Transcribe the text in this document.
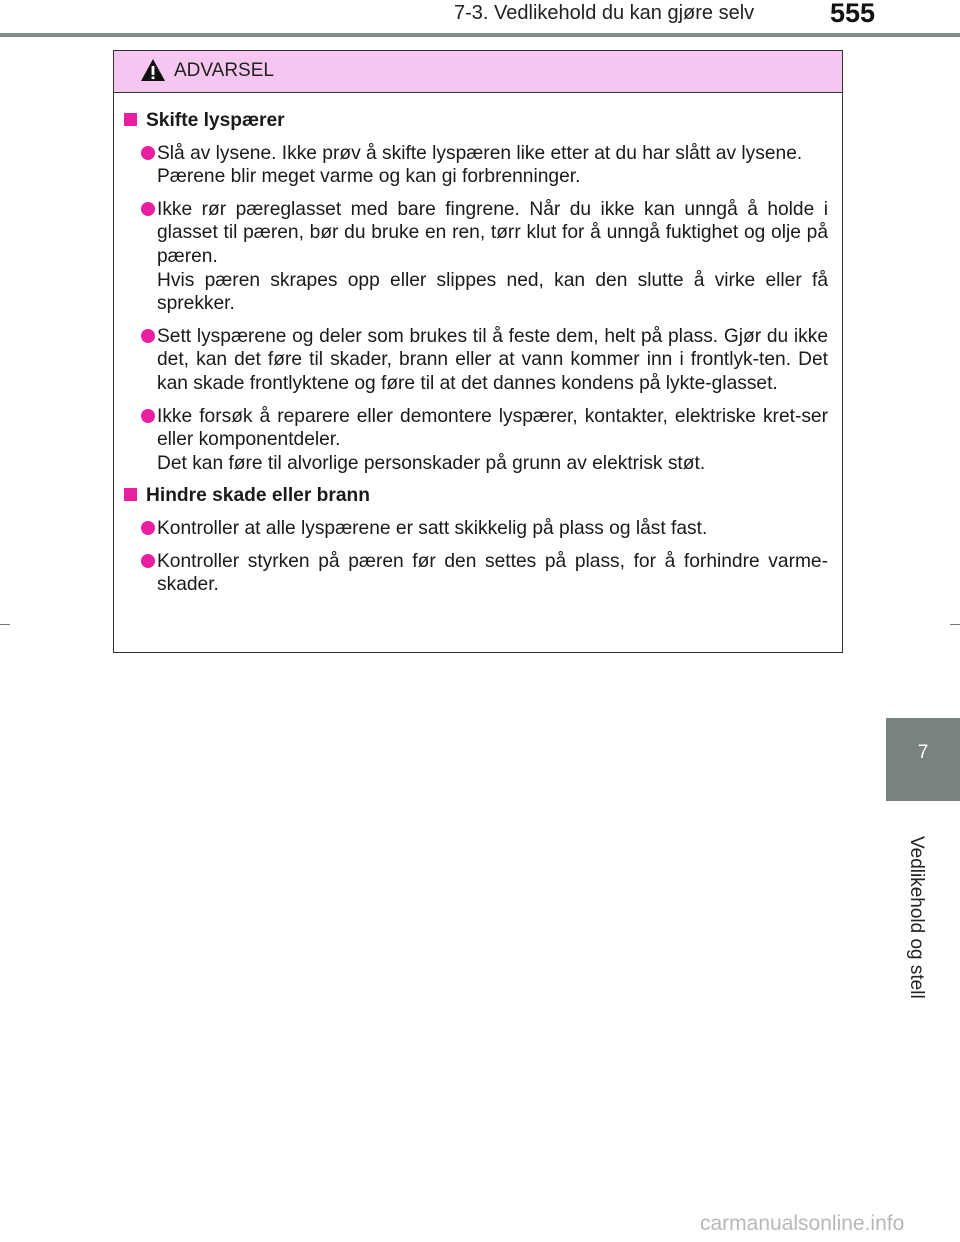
7-3. Vedlikehold du kan gjøre selv	555
ADVARSEL
Skifte lyspærer

Slå av lysene. Ikke prøv å skifte lyspæren like etter at du har slått av lysene.

Pærene blir meget varme og kan gi forbrenninger.

Ikke rør pæreglasset med bare fingrene. Når du ikke kan unngå å holde i glasset til pæren, bør du bruke en ren, tørr klut for å unngå fuktighet og olje på pæren.

Hvis pæren skrapes opp eller slippes ned, kan den slutte å virke eller få sprekker.

Sett lyspærene og deler som brukes til å feste dem, helt på plass. Gjør du ikke det, kan det føre til skader, brann eller at vann kommer inn i frontlyk-ten. Det kan skade frontlyktene og føre til at det dannes kondens på lykte-glasset.

Ikke forsøk å reparere eller demontere lyspærer, kontakter, elektriske kret-ser eller komponentdeler.

Det kan føre til alvorlige personskader på grunn av elektrisk støt.

Hindre skade eller brann

Kontroller at alle lyspærene er satt skikkelig på plass og låst fast.

Kontroller styrken på pæren før den settes på plass, for å forhindre varme-skader.

7
Vedlikehold og stell
carmanualsonline.info
